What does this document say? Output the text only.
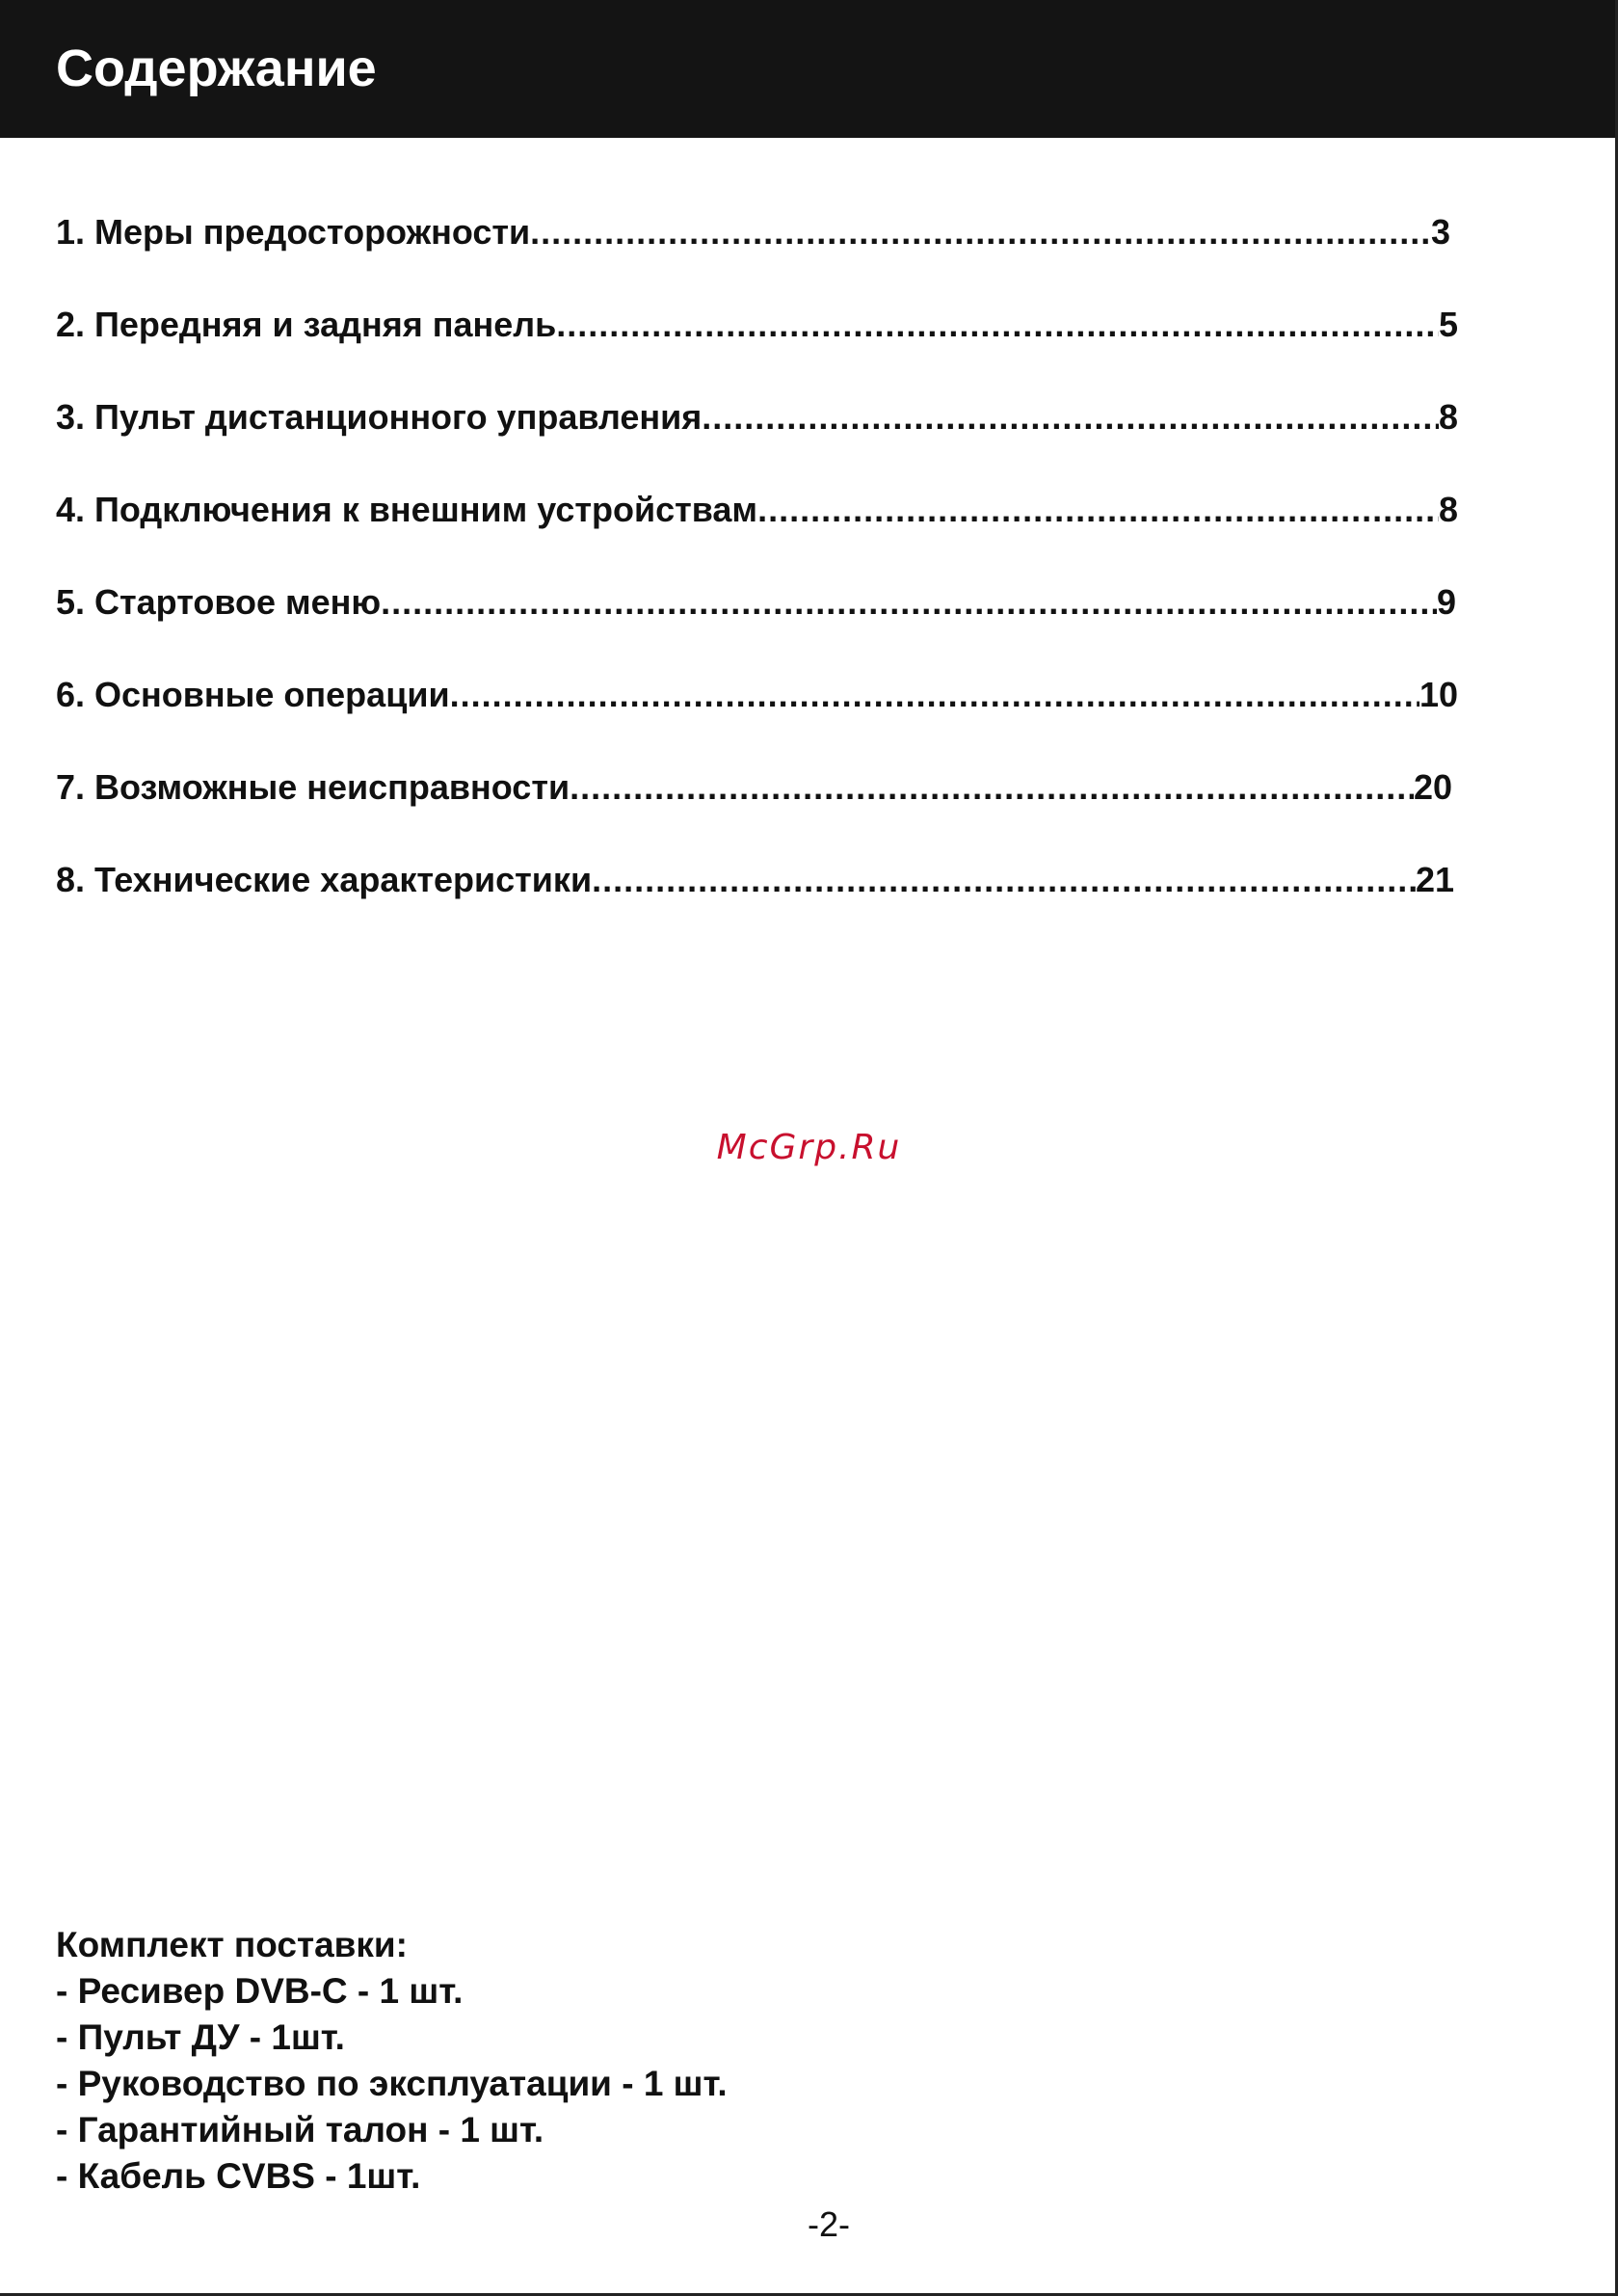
Содержание
1. Меры предосторожности .....	3
2. Передняя и задняя панель .....	5
3. Пульт дистанционного управления .....	8
4. Подключения к внешним устройствам .....	8
5. Стартовое меню .....	9
6. Основные операции .....	10
7. Возможные неисправности .....	20
8. Технические характеристики .....	21
McGrp.Ru
Комплект поставки:
- Ресивер DVB-C - 1 шт.
- Пульт ДУ - 1шт.
- Руководство по эксплуатации - 1 шт.
- Гарантийный талон - 1 шт.
- Кабель CVBS - 1шт.
-2-
